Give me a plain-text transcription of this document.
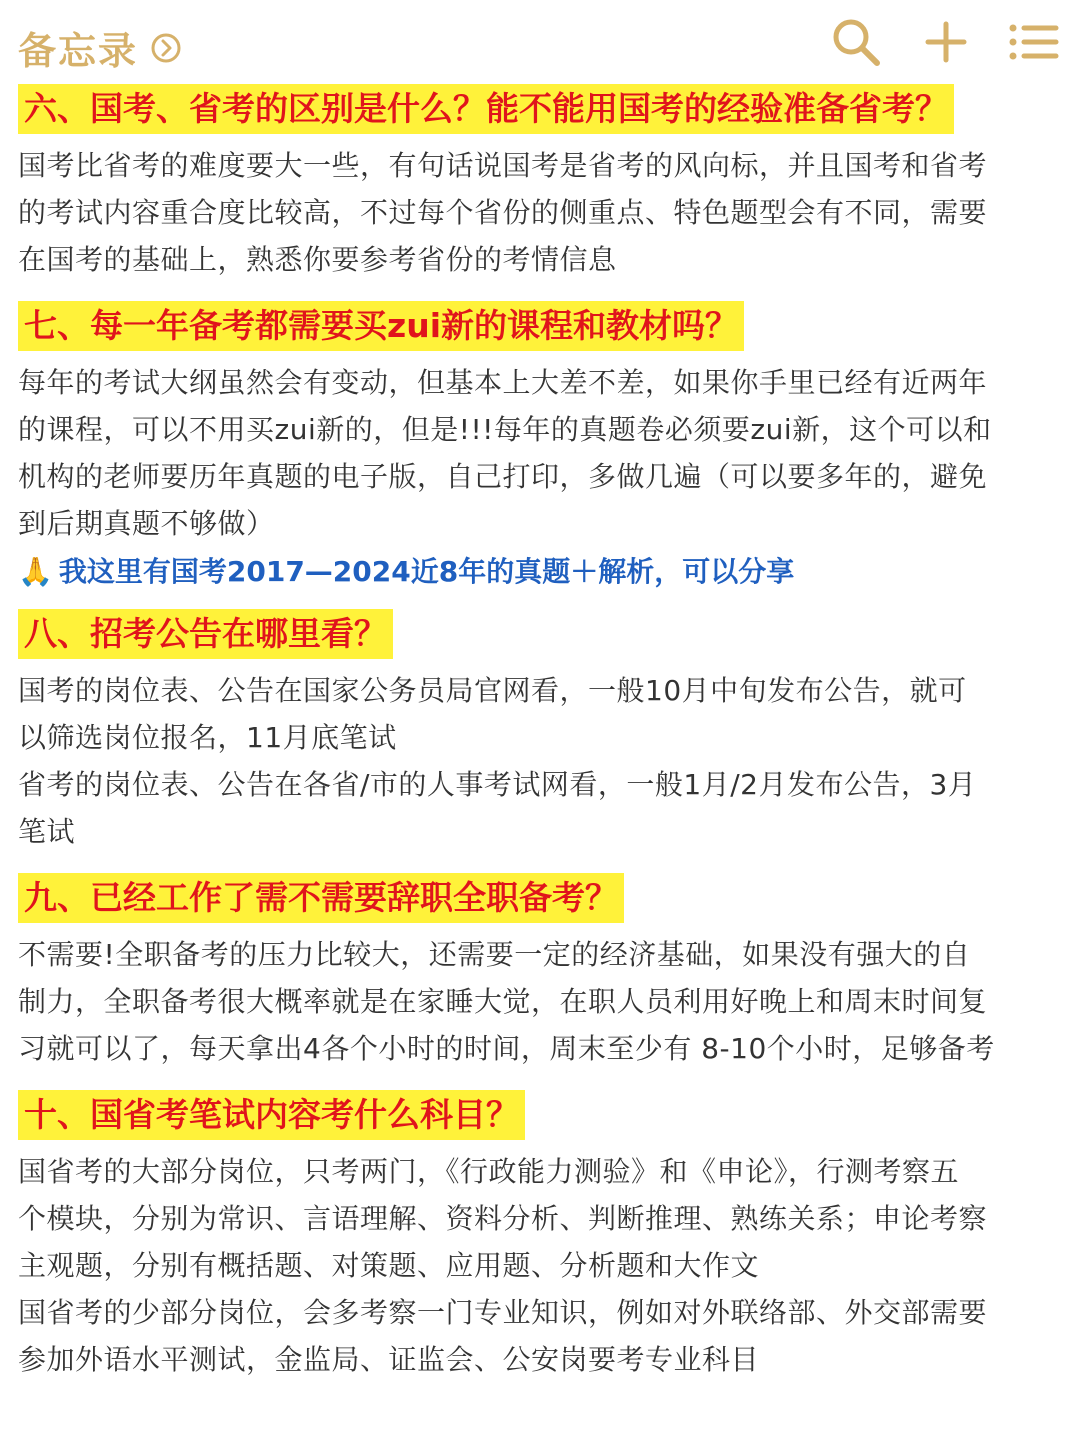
备忘录
六、国考、省考的区别是什么？能不能用国考的经验准备省考？

国考比省考的难度要大一些，有句话说国考是省考的风向标，并且国考和省考

的考试内容重合度比较高，不过每个省份的侧重点、特色题型会有不同，需要

在国考的基础上，熟悉你要参考省份的考情信息

七、每一年备考都需要买zui新的课程和教材吗？

每年的考试大纲虽然会有变动，但基本上大差不差，如果你手里已经有近两年

的课程，可以不用买zui新的，但是!!!每年的真题卷必须要zui新，这个可以和

机构的老师要历年真题的电子版，自己打印，多做几遍（可以要多年的，避免

到后期真题不够做）

🙏 我这里有国考2017—2024近8年的真题＋解析，可以分享
八、招考公告在哪里看？

国考的岗位表、公告在国家公务员局官网看，一般10月中旬发布公告，就可

以筛选岗位报名，11月底笔试

省考的岗位表、公告在各省/市的人事考试网看，一般1月/2月发布公告，3月

笔试

九、已经工作了需不需要辞职全职备考？

不需要!全职备考的压力比较大，还需要一定的经济基础，如果没有强大的自

制力，全职备考很大概率就是在家睡大觉，在职人员利用好晚上和周末时间复

习就可以了，每天拿出4各个小时的时间，周末至少有 8-10个小时，足够备考

十、国省考笔试内容考什么科目？

国省考的大部分岗位，只考两门，《行政能力测验》和《申论》，行测考察五

个模块，分别为常识、言语理解、资料分析、判断推理、熟练关系；申论考察

主观题，分别有概括题、对策题、应用题、分析题和大作文

国省考的少部分岗位，会多考察一门专业知识，例如对外联络部、外交部需要

参加外语水平测试，金监局、证监会、公安岗要考专业科目
